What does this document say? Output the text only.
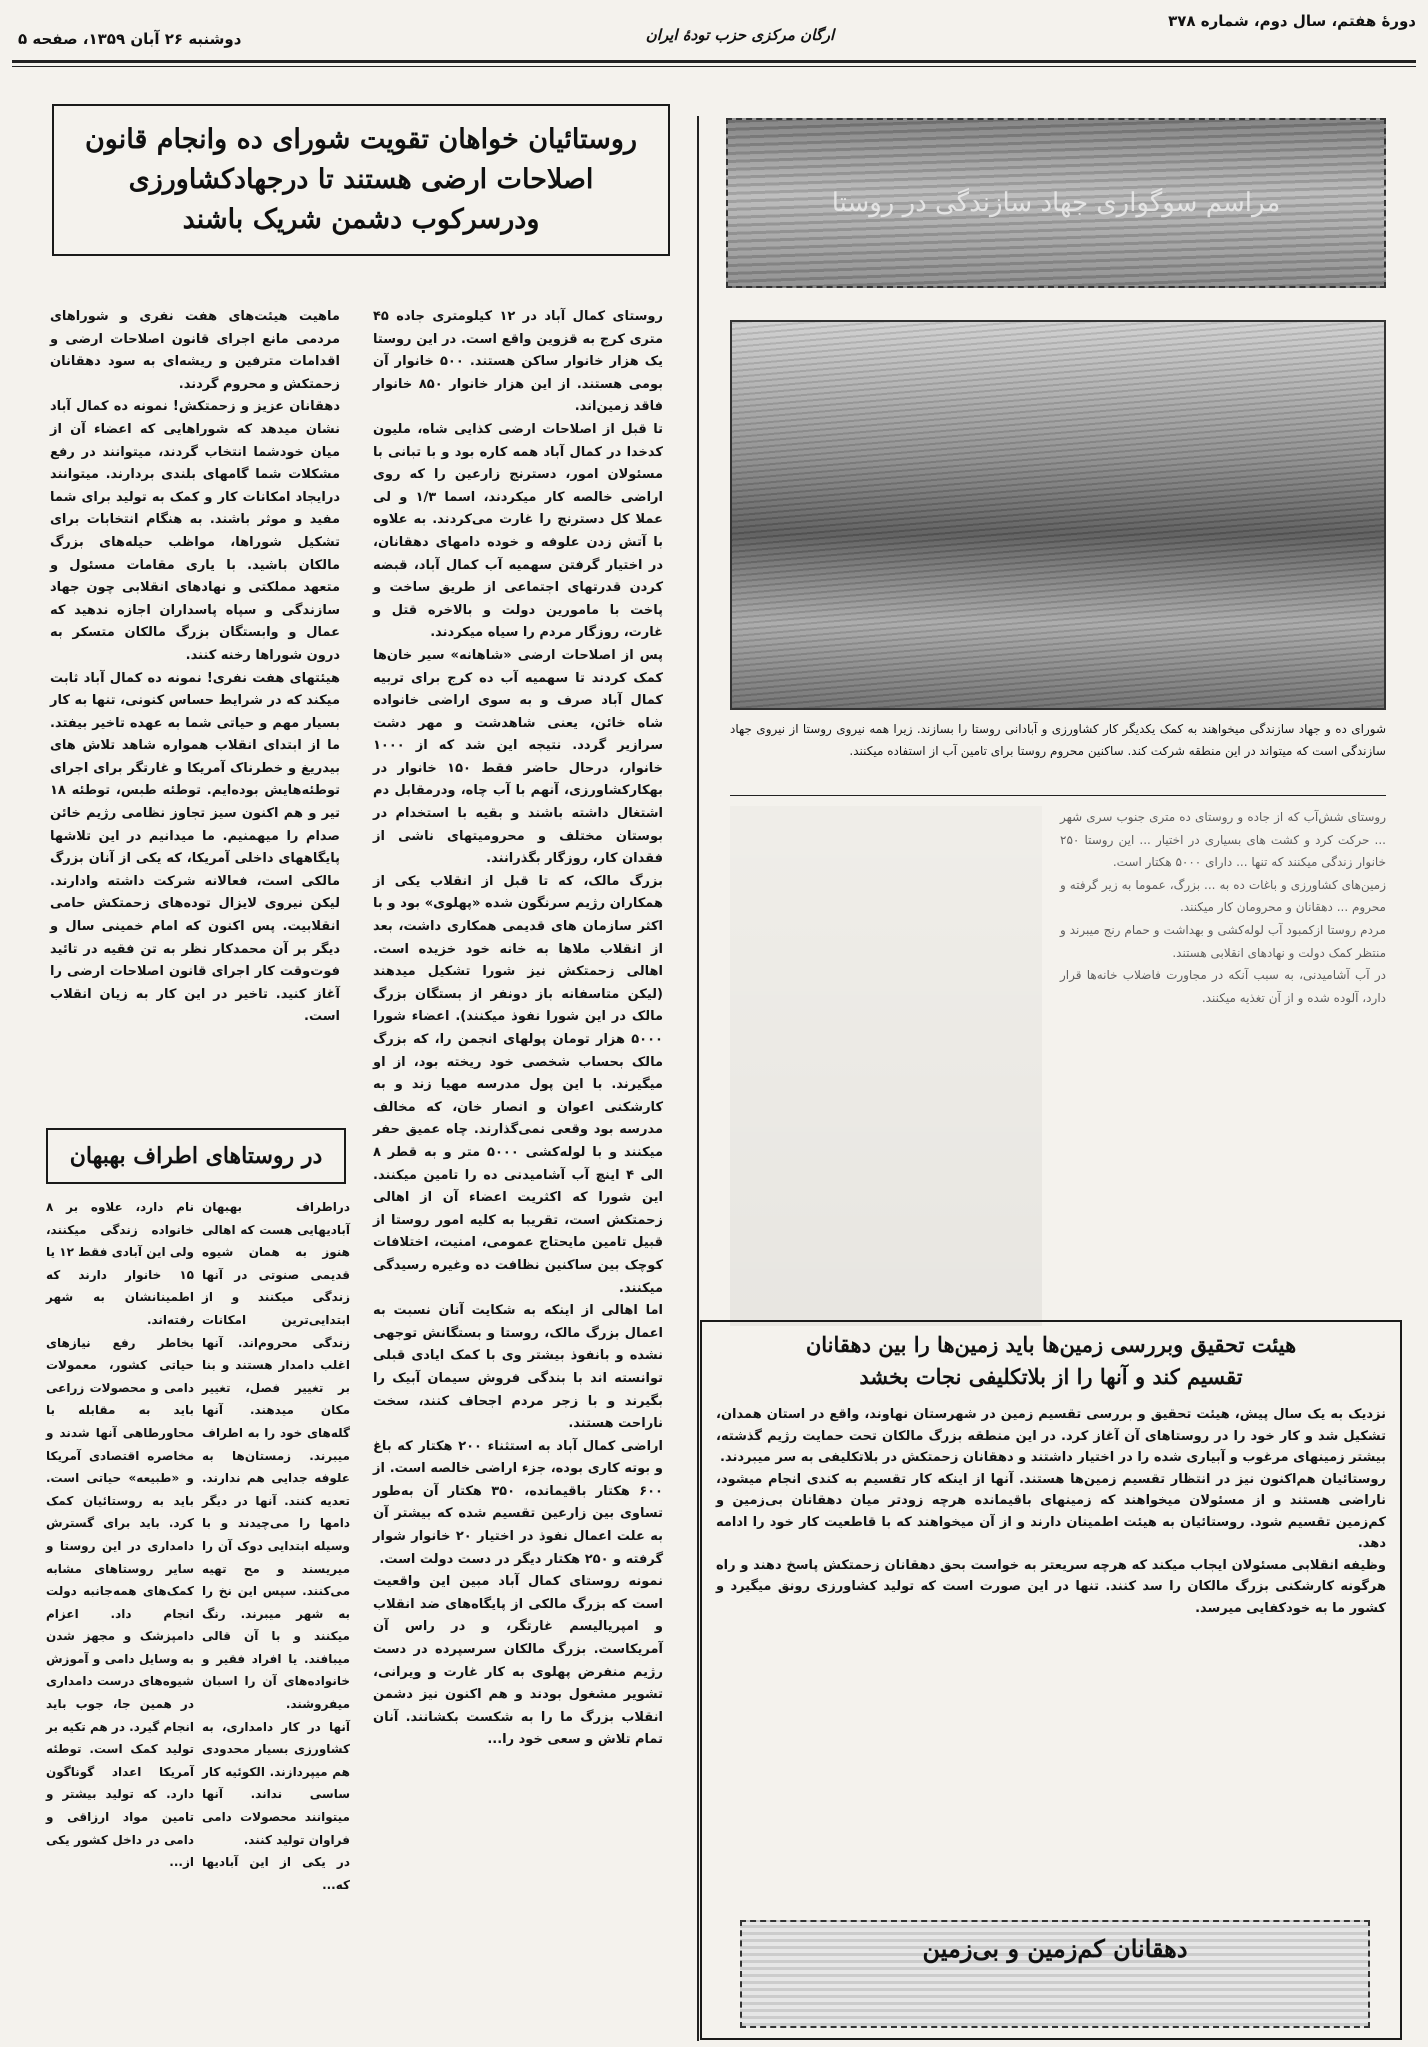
دورهٔ هفتم، سال دوم، شماره ۳۷۸
ارگان مرکزی حزب تودهٔ ایران
دوشنبه ۲۶ آبان ۱۳۵۹، صفحه ۵
روستائیان خواهان تقویت شورای ده وانجام قانون اصلاحات ارضی هستند تا درجهادکشاورزی ودرسرکوب دشمن شریک باشند
روستای کمال آباد در ۱۲ کیلومتری جاده ۴۵ متری کرج به قزوین واقع است. در این روستا یک هزار خانوار ساکن هستند. ۵۰۰ خانوار آن بومی هستند. از این هزار خانوار ۸۵۰ خانوار فاقد زمین‌اند.
تا قبل از اصلاحات ارضی کذایی شاه، ملیون کدخدا در کمال آباد همه کاره بود و با تبانی با مسئولان امور، دسترنج زارعین را که روی اراضی خالصه کار میکردند، اسما ۱/۳ و لی عملا کل دسترنج را غارت می‌کردند. به علاوه با آتش زدن علوفه و خوده دامهای دهقانان، در اختیار گرفتن سهمیه آب کمال آباد، قبضه کردن قدرتهای اجتماعی از طریق ساخت و پاخت با مامورین دولت و بالاخره قتل و غارت، روزگار مردم را سیاه میکردند.
پس از اصلاحات ارضی «شاهانه» سیر خان‌ها کمک کردند تا سهمیه آب ده کرج برای تربیه کمال آباد صرف و به سوی اراضی خانواده شاه خائن، یعنی شاهدشت و مهر دشت سرازیر گردد. نتیجه این شد که از ۱۰۰۰ خانوار، درحال حاضر فقط ۱۵۰ خانوار در بهکارکشاورزی، آنهم با آب چاه، ودرمقابل دم اشتغال داشته باشند و بقیه با استخدام در بوستان مختلف و محرومیتهای ناشی از فقدان کار، روزگار بگذرانند.
بزرگ مالک، که تا قبل از انقلاب یکی از همکاران رژیم سرنگون شده «پهلوی» بود و با اکثر سازمان های قدیمی همکاری داشت، بعد از انقلاب ملاها به خانه خود خزیده است. اهالی زحمتکش نیز شورا تشکیل میدهند (لیکن متاسفانه باز دونفر از بستگان بزرگ مالک در این شورا نفوذ میکنند). اعضاء شورا ۵۰۰۰ هزار تومان پولهای انجمن را، که بزرگ مالک بحساب شخصی خود ریخته بود، از او میگیرند. با این پول مدرسه مهیا زند و به کارشکنی اعوان و انصار خان، که مخالف مدرسه بود وقعی نمی‌گذارند. چاه عمیق حفر میکنند و با لوله‌کشی ۵۰۰۰ متر و به قطر ۸ الی ۴ اینچ آب آشامیدنی ده را تامین میکنند. این شورا که اکثریت اعضاء آن از اهالی زحمتکش است، تقریبا به کلیه امور روستا از قبیل تامین مایحتاج عمومی، امنیت، اختلافات کوچک بین ساکنین نظافت ده وغیره رسیدگی میکنند.
اما اهالی از اینکه به شکایت آنان نسبت به اعمال بزرگ مالک، روستا و بستگانش توجهی نشده و بانفوذ بیشتر وی با کمک ایادی قبلی توانسته اند با بندگی فروش سیمان آبیک را بگیرند و با زجر مردم اجحاف کنند، سخت ناراحت هستند.
اراضی کمال آباد به استثناء ۲۰۰ هکتار که باغ و بوته کاری بوده، جزء اراضی خالصه است. از ۶۰۰ هکتار باقیمانده، ۳۵۰ هکتار آن به‌طور تساوی بین زارعین تقسیم شده که بیشتر آن به علت اعمال نفوذ در اختیار ۲۰ خانوار شوار گرفته و ۲۵۰ هکتار دیگر در دست دولت است.
نمونه روستای کمال آباد مبین این واقعیت است که بزرگ مالکی از پایگاه‌های ضد انقلاب و امپریالیسم غارتگر، و در راس آن آمریکاست. بزرگ مالکان سرسپرده در دست رژیم منفرض پهلوی به کار غارت و ویرانی، تشویر مشغول بودند و هم اکنون نیز دشمن انقلاب بزرگ ما را به شکست بکشانند. آنان تمام تلاش و سعی خود را...
ماهیت هیئت‌های هفت نفری و شوراهای مردمی مانع اجرای قانون اصلاحات ارضی و اقدامات مترفین و ریشه‌ای به سود دهقانان زحمتکش و محروم گردند.
دهقانان عزیز و زحمتکش! نمونه ده کمال آباد نشان میدهد که شوراهایی که اعضاء آن از میان خودشما انتخاب گردند، میتوانند در رفع مشکلات شما گامهای بلندی بردارند. میتوانند درایجاد امکانات کار و کمک به تولید برای شما مفید و موثر باشند. به هنگام انتخابات برای تشکیل شوراها، مواظب حیله‌های بزرگ مالکان باشید. با یاری مقامات مسئول و متعهد مملکتی و نهادهای انقلابی چون جهاد سازندگی و سپاه پاسداران اجازه ندهید که عمال و وابستگان بزرگ مالکان متسکر به درون شوراها رخنه کنند.
هیئتهای هفت نفری! نمونه ده کمال آباد ثابت میکند که در شرایط حساس کنونی، تنها به کار بسیار مهم و حیاتی شما به عهده تاخیر بیفتد. ما از ابتدای انقلاب همواره شاهد تلاش های بیدریغ و خطرناک آمریکا و غارتگر برای اجرای توطئه‌هایش بوده‌ایم. توطئه طبس، توطئه ۱۸ تیر و هم اکنون سیز تجاوز نظامی رژیم خائن صدام را میهمنیم. ما میدانیم در این تلاشها پایگاههای داخلی آمریکا، که یکی از آنان بزرگ مالکی است، فعالانه شرکت داشته وادارند. لیکن نیروی لایزال توده‌های زحمتکش حامی انقلابیت. پس اکنون که امام خمینی سال و دیگر بر آن محمدکار نظر به تن فقیه در تائید فوت‌وقت کار اجرای قانون اصلاحات ارضی را آغاز کنید. تاخیر در این کار به زیان انقلاب است.
در روستاهای اطراف بهبهان
دراطراف بهبهان آبادیهایی هست که اهالی هنوز به همان شیوه قدیمی صنوتی در آنها زندگی میکنند و از ابتدایی‌ترین امکانات زندگی محروم‌اند. آنها اغلب دامدار هستند و بنا بر تغییر فصل، تغییر مکان میدهند. آنها گله‌های خود را به اطراف میبرند. زمستان‌ها به علوفه جدایی هم ندارند. تعدیه کنند. آنها در دیگر دامها را می‌چیدند و با وسیله ابتدایی دوک آن را میریسند و مح تهیه می‌کنند. سپس این نخ را به شهر میبرند. رنگ میکنند و با آن قالی میبافند. یا افراد فقیر و خانواده‌های آن را اسبان میفروشند.
آنها در کار دامداری، به کشاورزی بسیار محدودی هم میپردازند. الکوئیه کار ساسی نداند. آنها میتوانند محصولات دامی فراوان تولید کنند.
در یکی از این آبادیها که...
نام دارد، علاوه بر ۸ خانواده زندگی میکنند، ولی این آبادی فقط ۱۲ یا ۱۵ خانوار دارند که اطمینانشان به شهر رفته‌اند.
بخاطر رفع نیازهای حیاتی کشور، معمولات دامی و محصولات زراعی باید به مقابله با محاورطاهی آنها شدند و مخاصره اقتصادی آمریکا و «طبیعه» حیاتی است. باید به روستائیان کمک کرد. باید برای گسترش دامداری در این روستا و سایر روستاهای مشابه کمک‌های همه‌جانبه دولت انجام داد. اعزام دامپزشک و مجهز شدن به وسایل دامی و آموزش شیوه‌های درست دامداری در همین جا، جوب باید انجام گیرد. در هم تکیه بر تولید کمک است. توطئه آمریکا اعداد گوناگون دارد. که تولید بیشتر و تامین مواد ارزاقی و دامی در داخل کشور یکی از...
مراسم سوگواری جهاد سازندگی در روستا
شورای ده و جهاد سازندگی میخواهند به کمک یکدیگر کار کشاورزی و آبادانی روستا را بسازند. زیرا همه نیروی روستا از نیروی جهاد سازندگی است که میتواند در این منطقه شرکت کند. ساکنین محروم روستا برای تامین آب از استفاده میکنند.
روستای شش‌آب که از جاده و روستای ده متری جنوب سری شهر ... حرکت کرد و کشت های بسیاری در اختیار ... این روستا ۲۵۰ خانوار زندگی میکنند که تنها ... دارای ۵۰۰۰ هکتار است.
زمین‌های کشاورزی و باغات ده به ... بزرگ، عموما به زیر گرفته و محروم ... دهقانان و محرومان کار میکنند.
مردم روستا ازکمبود آب لوله‌کشی و بهداشت و حمام رنج میبرند و منتظر کمک دولت و نهادهای انقلابی هستند.
در آب آشامیدنی، به سبب آنکه در مجاورت فاضلاب خانه‌ها قرار دارد، آلوده شده و از آن تغذیه میکنند.
هیئت تحقیق وبررسی زمین‌ها باید زمین‌ها را بین دهقانان
تقسیم کند و آنها را از بلاتکلیفی نجات بخشد
نزدیک به یک سال پیش، هیئت تحقیق و بررسی تقسیم زمین در شهرستان نهاوند، واقع در استان همدان، تشکیل شد و کار خود را در روستاهای آن آغاز کرد. در این منطقه بزرگ مالکان تحت حمایت رژیم گذشته، بیشتر زمینهای مرغوب و آبیاری شده را در اختیار داشتند و دهقانان زحمتکش در بلاتکلیفی به سر میبردند.
روستائیان هم‌اکنون نیز در انتظار تقسیم زمین‌ها هستند. آنها از اینکه کار تقسیم به کندی انجام میشود، ناراضی هستند و از مسئولان میخواهند که زمینهای باقیمانده هرچه زودتر میان دهقانان بی‌زمین و کم‌زمین تقسیم شود. روستائیان به هیئت اطمینان دارند و از آن میخواهند که با قاطعیت کار خود را ادامه دهد.
وظیفه انقلابی مسئولان ایجاب میکند که هرچه سریعتر به خواست بحق دهقانان زحمتکش پاسخ دهند و راه هرگونه کارشکنی بزرگ مالکان را سد کنند. تنها در این صورت است که تولید کشاورزی رونق میگیرد و کشور ما به خودکفایی میرسد.
دهقانان کم‌زمین و بی‌زمین
